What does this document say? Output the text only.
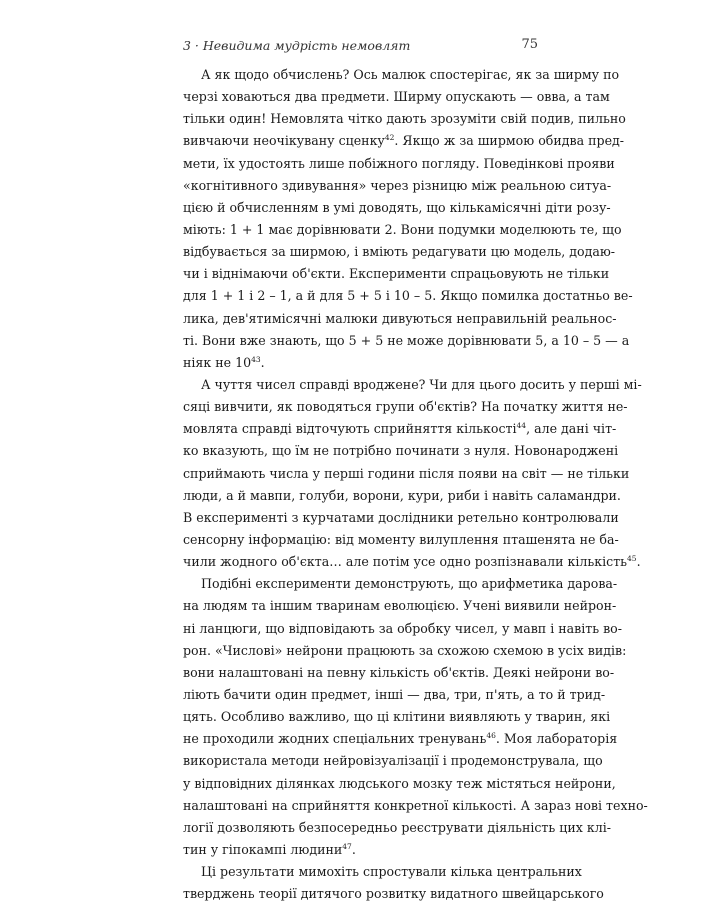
3 · Невидима мудрість немовлят	75
А як щодо обчислень? Ось малюк спостерігає, як за ширму по
черзі ховаються два предмети. Ширму опускають — овва, а там
тільки один! Немовлята чітко дають зрозуміти свій подив, пильно
вивчаючи неочікувану сценку$^{42}$. Якщо ж за ширмою обидва пред-
мети, їх удостоять лише побіжного погляду. Поведінкові прояви
«когнітивного здивування» через різницю між реальною ситуа-
цією й обчисленням в умі доводять, що кількамісячні діти розу-
міють: 1 + 1 має дорівнювати 2. Вони подумки моделюють те, що
відбувається за ширмою, і вміють редагувати цю модель, додаю-
чи і віднімаючи об'єкти. Експерименти спрацьовують не тільки
для 1 + 1 і 2 – 1, а й для 5 + 5 і 10 – 5. Якщо помилка достатньо ве-
лика, дев'ятимісячні малюки дивуються неправильній реальнос-
ті. Вони вже знають, що 5 + 5 не може дорівнювати 5, а 10 – 5 — а
ніяк не $10^{43}$.
А чуття чисел справді вроджене? Чи для цього досить у перші мі-
сяці вивчити, як поводяться групи об'єктів? На початку життя не-
мовлята справді відточують сприйняття кількості$^{44}$, але дані чіт-
ко вказують, що їм не потрібно починати з нуля. Новонароджені
сприймають числа у перші години після появи на світ — не тільки
люди, а й мавпи, голуби, ворони, кури, риби і навіть саламандри.
В експерименті з курчатами дослідники ретельно контролювали
сенсорну інформацію: від моменту вилуплення пташенята не ба-
чили жодного об'єкта… але потім усе одно розпізнавали кількість$^{45}$.
Подібні експерименти демонструють, що арифметика дарова-
на людям та іншим тваринам еволюцією. Учені виявили нейрон-
ні ланцюги, що відповідають за обробку чисел, у мавп і навіть во-
рон. «Числові» нейрони працюють за схожою схемою в усіх видів:
вони налаштовані на певну кількість об'єктів. Деякі нейрони во-
ліють бачити один предмет, інші — два, три, п'ять, а то й трид-
цять. Особливо важливо, що ці клітини виявляють у тварин, які
не проходили жодних спеціальних тренувань$^{46}$. Моя лабораторія
використала методи нейровізуалізації і продемонструвала, що
у відповідних ділянках людського мозку теж містяться нейрони,
налаштовані на сприйняття конкретної кількості. А зараз нові техно-
логії дозволяють безпосередньо реєструвати діяльність цих клі-
тин у гіпокампі людини$^{47}$.
Ці результати мимохіть спростували кілька центральних
тверджень теорії дитячого розвитку видатного швейцарського
